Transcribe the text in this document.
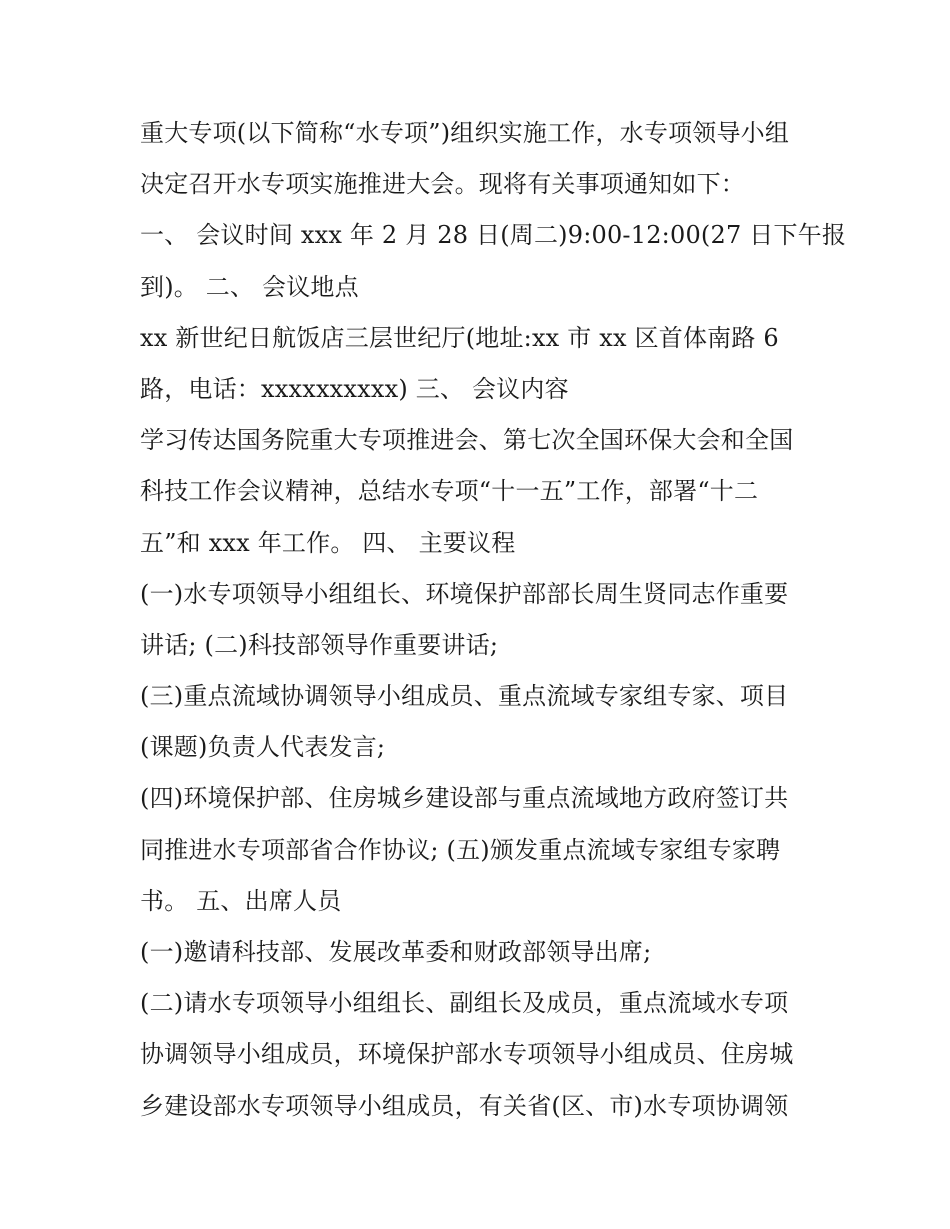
重大专项(以下简称“水专项”)组织实施工作，水专项领导小组
决定召开水专项实施推进大会。现将有关事项通知如下：
一、 会议时间 xxx 年 2 月 28 日(周二)9:00-12:00(27 日下午报
到)。 二、 会议地点
xx 新世纪日航饭店三层世纪厅(地址:xx 市 xx 区首体南路 6
路，电话：xxxxxxxxxx) 三、 会议内容
学习传达国务院重大专项推进会、第七次全国环保大会和全国
科技工作会议精神，总结水专项“十一五”工作，部署“十二
五”和 xxx 年工作。 四、 主要议程
(一)水专项领导小组组长、环境保护部部长周生贤同志作重要
讲话; (二)科技部领导作重要讲话;
(三)重点流域协调领导小组成员、重点流域专家组专家、项目
(课题)负责人代表发言;
(四)环境保护部、住房城乡建设部与重点流域地方政府签订共
同推进水专项部省合作协议; (五)颁发重点流域专家组专家聘
书。 五、出席人员
(一)邀请科技部、发展改革委和财政部领导出席;
(二)请水专项领导小组组长、副组长及成员，重点流域水专项
协调领导小组成员，环境保护部水专项领导小组成员、住房城
乡建设部水专项领导小组成员，有关省(区、市)水专项协调领
